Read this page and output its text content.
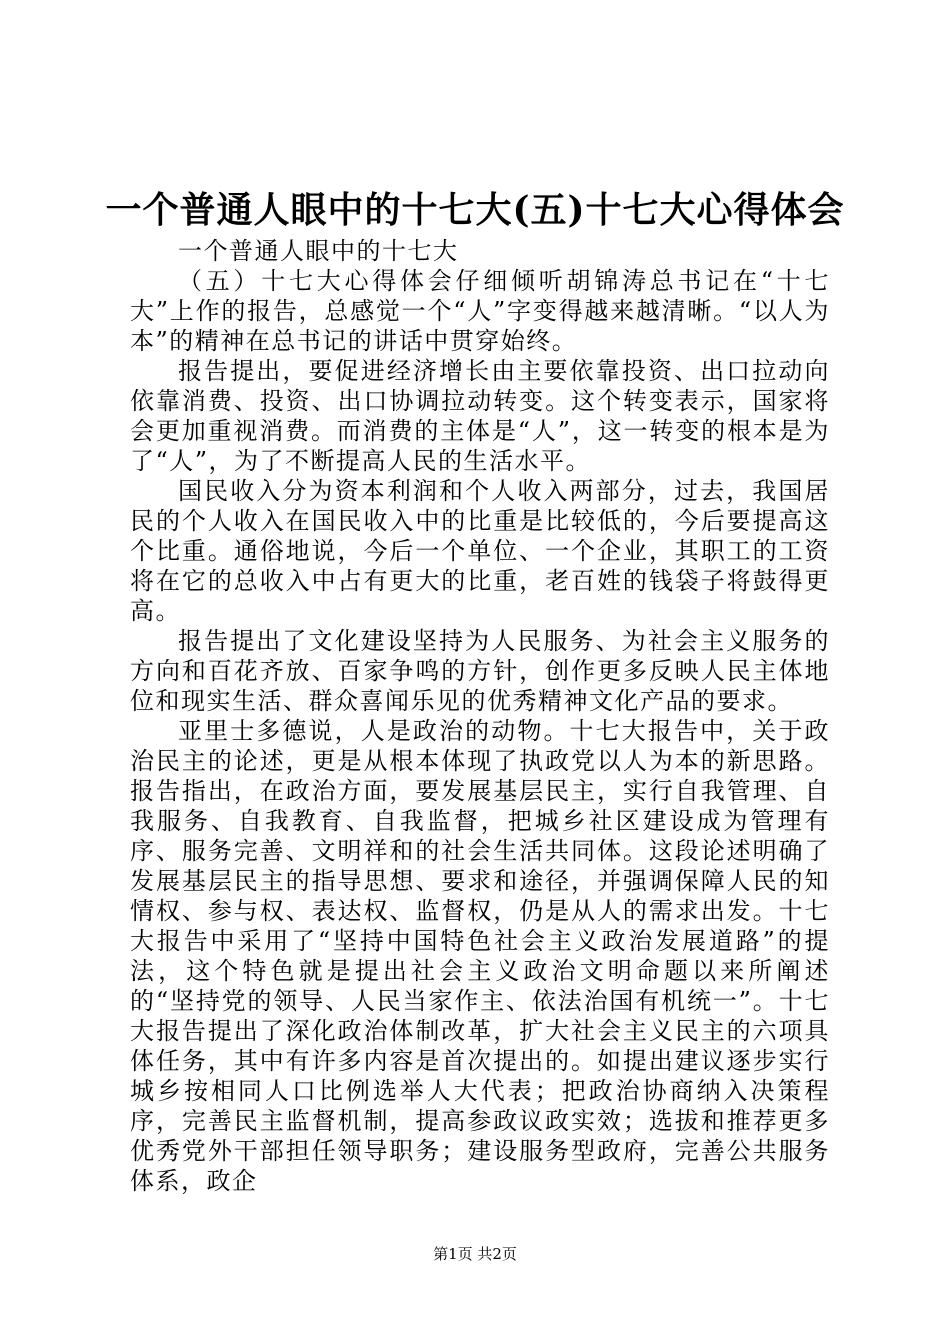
一个普通人眼中的十七大(五)十七大心得体会

一个普通人眼中的十七大

（五）十七大心得体会仔细倾听胡锦涛总书记在“十七大”上作的报告，总感觉一个“人”字变得越来越清晰。“以人为本”的精神在总书记的讲话中贯穿始终。

报告提出，要促进经济增长由主要依靠投资、出口拉动向依靠消费、投资、出口协调拉动转变。这个转变表示，国家将会更加重视消费。而消费的主体是“人”，这一转变的根本是为了“人”，为了不断提高人民的生活水平。

国民收入分为资本利润和个人收入两部分，过去，我国居民的个人收入在国民收入中的比重是比较低的，今后要提高这个比重。通俗地说，今后一个单位、一个企业，其职工的工资将在它的总收入中占有更大的比重，老百姓的钱袋子将鼓得更高。

报告提出了文化建设坚持为人民服务、为社会主义服务的方向和百花齐放、百家争鸣的方针，创作更多反映人民主体地位和现实生活、群众喜闻乐见的优秀精神文化产品的要求。

亚里士多德说，人是政治的动物。十七大报告中，关于政治民主的论述，更是从根本体现了执政党以人为本的新思路。报告指出，在政治方面，要发展基层民主，实行自我管理、自我服务、自我教育、自我监督，把城乡社区建设成为管理有序、服务完善、文明祥和的社会生活共同体。这段论述明确了发展基层民主的指导思想、要求和途径，并强调保障人民的知情权、参与权、表达权、监督权，仍是从人的需求出发。十七大报告中采用了“坚持中国特色社会主义政治发展道路”的提法，这个特色就是提出社会主义政治文明命题以来所阐述的“坚持党的领导、人民当家作主、依法治国有机统一”。十七大报告提出了深化政治体制改革，扩大社会主义民主的六项具体任务，其中有许多内容是首次提出的。如提出建议逐步实行城乡按相同人口比例选举人大代表；把政治协商纳入决策程序，完善民主监督机制，提高参政议政实效；选拔和推荐更多优秀党外干部担任领导职务；建设服务型政府，完善公共服务体系，政企

第1页 共2页
